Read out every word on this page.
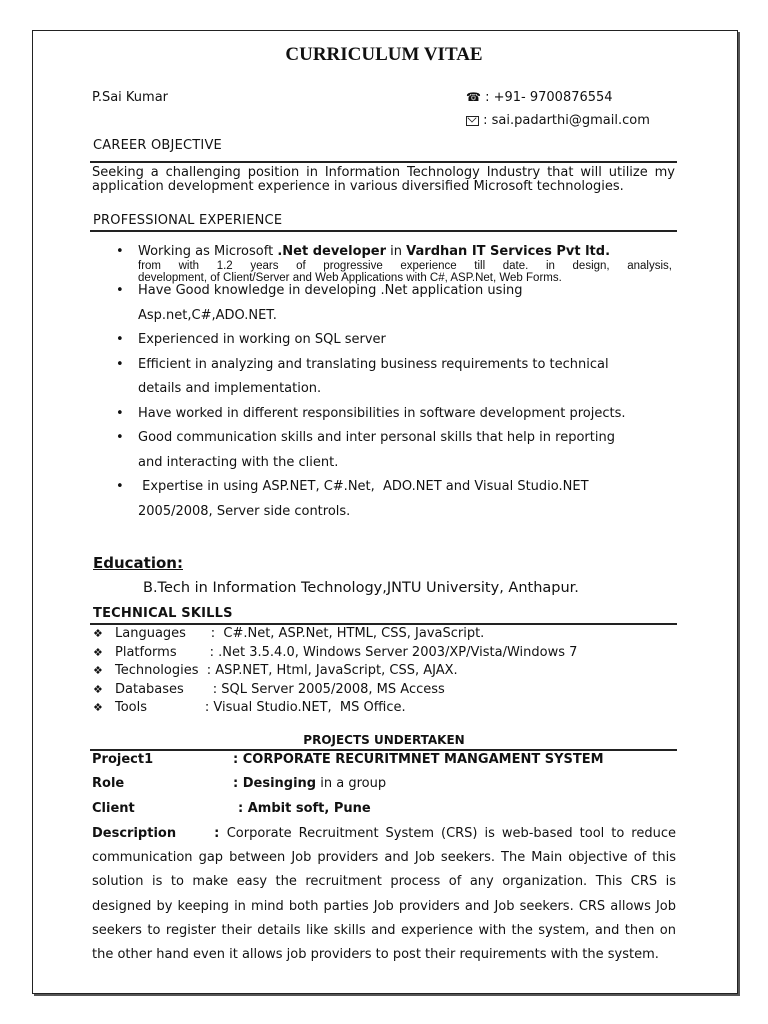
CURRICULUM VITAE
P.Sai Kumar	☎ : +91- 9700876554
: sai.padarthi@gmail.com
CAREER OBJECTIVE
Seeking a challenging position in Information Technology Industry that will utilize my application development experience in various diversified Microsoft technologies.
PROFESSIONAL EXPERIENCE
• Working as Microsoft .Net developer in Vardhan IT Services Pvt ltd.
from with 1.2 years of progressive experience till date. in design, analysis,
development, of Client/Server and Web Applications with C#, ASP.Net, Web Forms.
• Have Good knowledge in developing .Net application using
Asp.net,C#,ADO.NET.
• Experienced in working on SQL server
• Efficient in analyzing and translating business requirements to technical
details and implementation.
• Have worked in different responsibilities in software development projects.
• Good communication skills and inter personal skills that help in reporting
and interacting with the client.
• Expertise in using ASP.NET, C#.Net,  ADO.NET and Visual Studio.NET
2005/2008, Server side controls.
Education:
B.Tech in Information Technology,JNTU University, Anthapur.
TECHNICAL SKILLS
❖ Languages      :  C#.Net, ASP.Net, HTML, CSS, JavaScript.
❖ Platforms        : .Net 3.5.4.0, Windows Server 2003/XP/Vista/Windows 7
❖ Technologies  : ASP.NET, Html, JavaScript, CSS, AJAX.
❖ Databases       : SQL Server 2005/2008, MS Access
❖ Tools              : Visual Studio.NET,  MS Office.
PROJECTS UNDERTAKEN
Project1	: CORPORATE RECURITMNET MANGAMENT SYSTEM
Role	: Desinging in a group
Client	: Ambit soft, Pune
Description	: Corporate Recruitment System (CRS) is web-based tool to reduce communication gap between Job providers and Job seekers. The Main objective of this solution is to make easy the recruitment process of any organization. This CRS is designed by keeping in mind both parties Job providers and Job seekers. CRS allows Job seekers to register their details like skills and experience with the system, and then on the other hand even it allows job providers to post their requirements with the system.
